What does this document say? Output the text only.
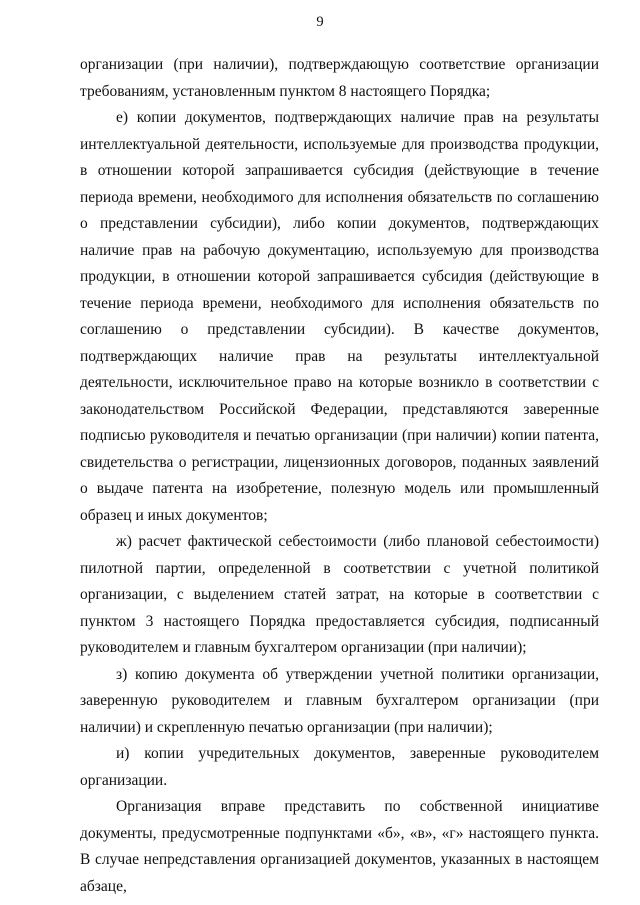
9

организации (при наличии), подтверждающую соответствие организации требованиям, установленным пунктом 8 настоящего Порядка;

е) копии документов, подтверждающих наличие прав на результаты интеллектуальной деятельности, используемые для производства продукции, в отношении которой запрашивается субсидия (действующие в течение периода времени, необходимого для исполнения обязательств по соглашению о представлении субсидии), либо копии документов, подтверждающих наличие прав на рабочую документацию, используемую для производства продукции, в отношении которой запрашивается субсидия (действующие в течение периода времени, необходимого для исполнения обязательств по соглашению о представлении субсидии). В качестве документов, подтверждающих наличие прав на результаты интеллектуальной деятельности, исключительное право на которые возникло в соответствии с законодательством Российской Федерации, представляются заверенные подписью руководителя и печатью организации (при наличии) копии патента, свидетельства о регистрации, лицензионных договоров, поданных заявлений о выдаче патента на изобретение, полезную модель или промышленный образец и иных документов;

ж) расчет фактической себестоимости (либо плановой себестоимости) пилотной партии, определенной в соответствии с учетной политикой организации, с выделением статей затрат, на которые в соответствии с пунктом 3 настоящего Порядка предоставляется субсидия, подписанный руководителем и главным бухгалтером организации (при наличии);

з) копию документа об утверждении учетной политики организации, заверенную руководителем и главным бухгалтером организации (при наличии) и скрепленную печатью организации (при наличии);

и) копии учредительных документов, заверенные руководителем организации.

Организация вправе представить по собственной инициативе документы, предусмотренные подпунктами «б», «в», «г» настоящего пункта. В случае непредставления организацией документов, указанных в настоящем абзаце,
